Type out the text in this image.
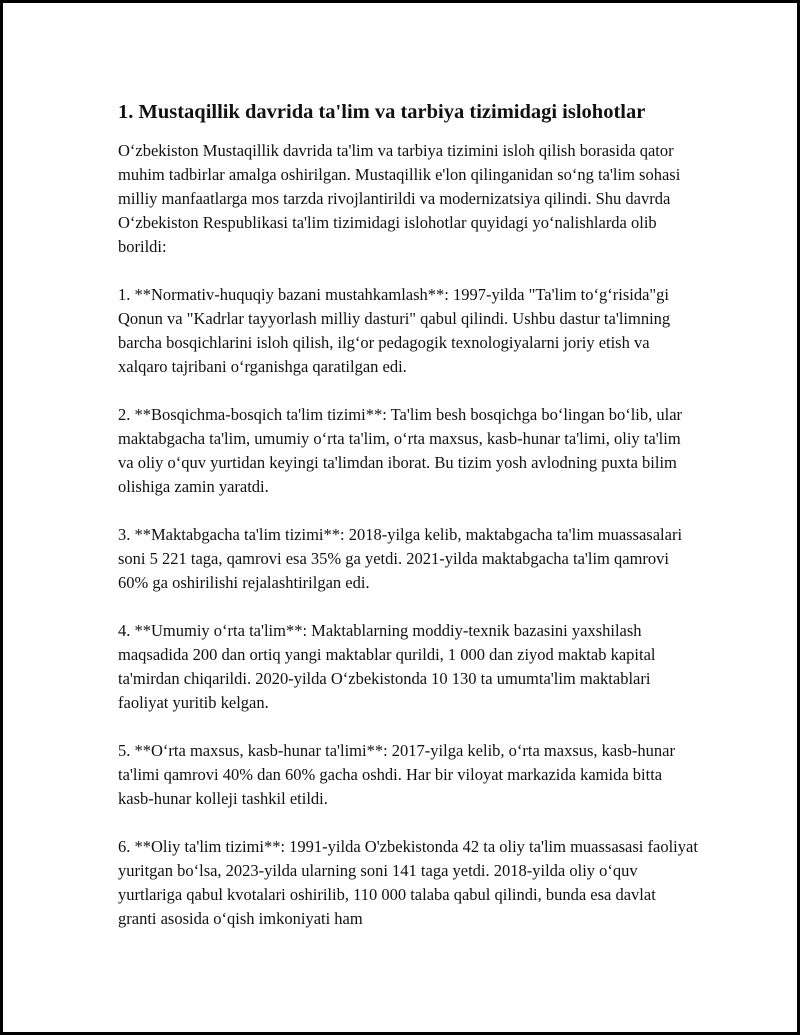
1. Mustaqillik davrida ta'lim va tarbiya tizimidagi islohotlar

O‘zbekiston Mustaqillik davrida ta'lim va tarbiya tizimini isloh qilish borasida qator muhim tadbirlar amalga oshirilgan. Mustaqillik e'lon qilinganidan so‘ng ta'lim sohasi milliy manfaatlarga mos tarzda rivojlantirildi va modernizatsiya qilindi. Shu davrda O‘zbekiston Respublikasi ta'lim tizimidagi islohotlar quyidagi yo‘nalishlarda olib borildi:

1. **Normativ-huquqiy bazani mustahkamlash**: 1997-yilda "Ta'lim to‘g‘risida"gi Qonun va "Kadrlar tayyorlash milliy dasturi" qabul qilindi. Ushbu dastur ta'limning barcha bosqichlarini isloh qilish, ilg‘or pedagogik texnologiyalarni joriy etish va xalqaro tajribani o‘rganishga qaratilgan edi.

2. **Bosqichma-bosqich ta'lim tizimi**: Ta'lim besh bosqichga bo‘lingan bo‘lib, ular maktabgacha ta'lim, umumiy o‘rta ta'lim, o‘rta maxsus, kasb-hunar ta'limi, oliy ta'lim va oliy o‘quv yurtidan keyingi ta'limdan iborat. Bu tizim yosh avlodning puxta bilim olishiga zamin yaratdi.

3. **Maktabgacha ta'lim tizimi**: 2018-yilga kelib, maktabgacha ta'lim muassasalari soni 5 221 taga, qamrovi esa 35% ga yetdi. 2021-yilda maktabgacha ta'lim qamrovi 60% ga oshirilishi rejalashtirilgan edi.

4. **Umumiy o‘rta ta'lim**: Maktablarning moddiy-texnik bazasini yaxshilash maqsadida 200 dan ortiq yangi maktablar qurildi, 1 000 dan ziyod maktab kapital ta'mirdan chiqarildi. 2020-yilda O‘zbekistonda 10 130 ta umumta'lim maktablari faoliyat yuritib kelgan.

5. **O‘rta maxsus, kasb-hunar ta'limi**: 2017-yilga kelib, o‘rta maxsus, kasb-hunar ta'limi qamrovi 40% dan 60% gacha oshdi. Har bir viloyat markazida kamida bitta kasb-hunar kolleji tashkil etildi.

6. **Oliy ta'lim tizimi**: 1991-yilda O'zbekistonda 42 ta oliy ta'lim muassasasi faoliyat yuritgan bo‘lsa, 2023-yilda ularning soni 141 taga yetdi. 2018-yilda oliy o‘quv yurtlariga qabul kvotalari oshirilib, 110 000 talaba qabul qilindi, bunda esa davlat granti asosida o‘qish imkoniyati ham
